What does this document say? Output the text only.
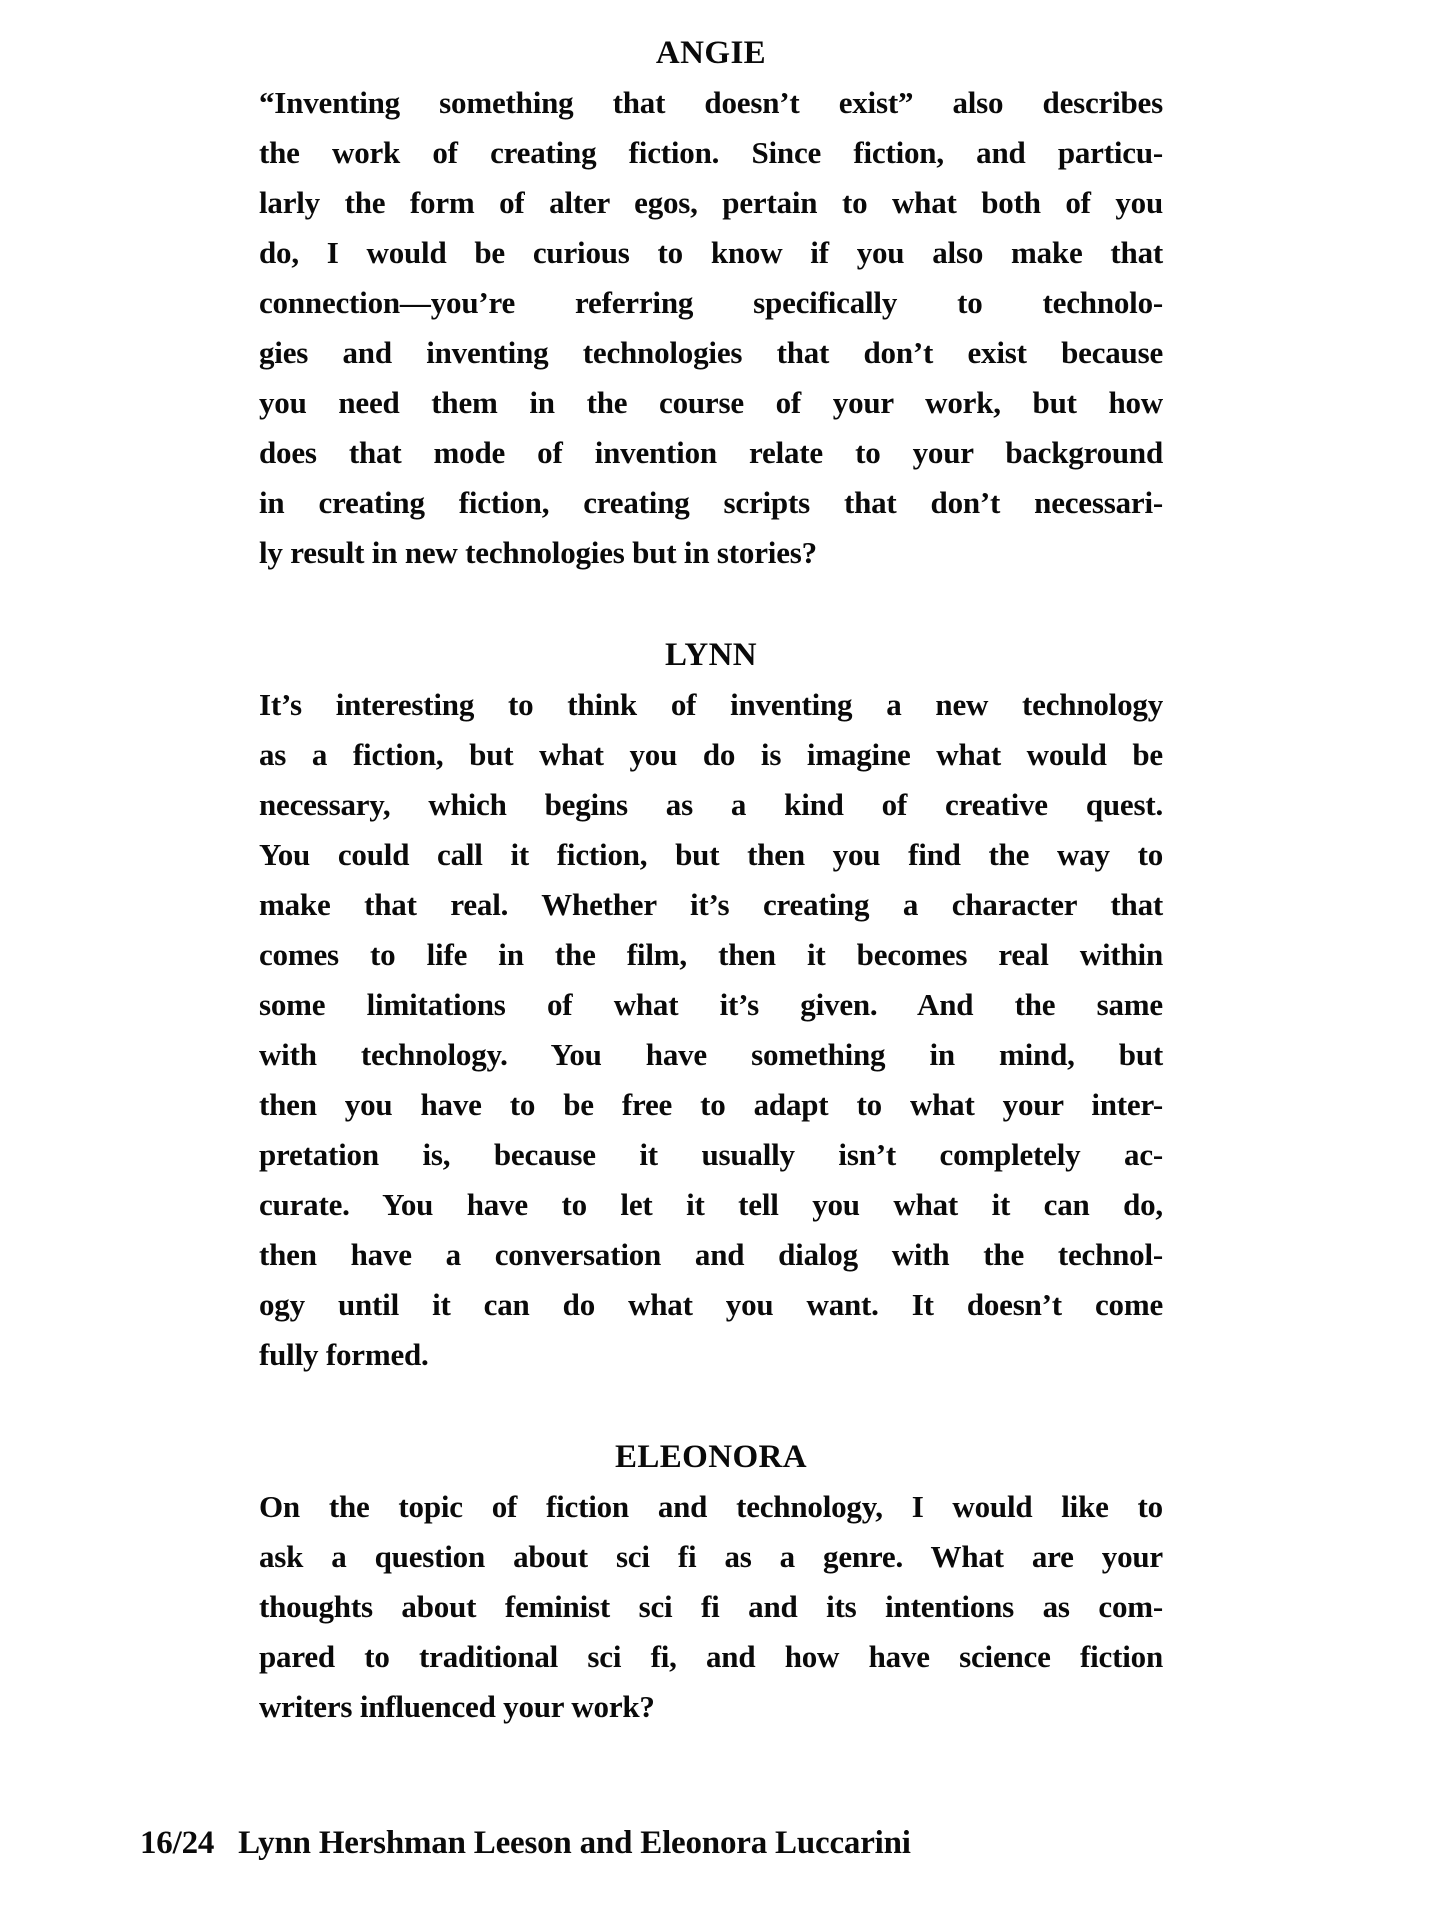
ANGIE
“Inventing something that doesn’t exist” also describes
the work of creating fiction. Since fiction, and particu-
larly the form of alter egos, pertain to what both of you
do, I would be curious to know if you also make that
connection—you’re referring specifically to technolo-
gies and inventing technologies that don’t exist because
you need them in the course of your work, but how
does that mode of invention relate to your background
in creating fiction, creating scripts that don’t necessari-
ly result in new technologies but in stories?
LYNN
It’s interesting to think of inventing a new technology
as a fiction, but what you do is imagine what would be
necessary, which begins as a kind of creative quest.
You could call it fiction, but then you find the way to
make that real. Whether it’s creating a character that
comes to life in the film, then it becomes real within
some limitations of what it’s given. And the same
with technology. You have something in mind, but
then you have to be free to adapt to what your inter-
pretation is, because it usually isn’t completely ac-
curate. You have to let it tell you what it can do,
then have a conversation and dialog with the technol-
ogy until it can do what you want. It doesn’t come
fully formed.
ELEONORA
On the topic of fiction and technology, I would like to
ask a question about sci fi as a genre. What are your
thoughts about feminist sci fi and its intentions as com-
pared to traditional sci fi, and how have science fiction
writers influenced your work?
16/24 Lynn Hershman Leeson and Eleonora Luccarini
